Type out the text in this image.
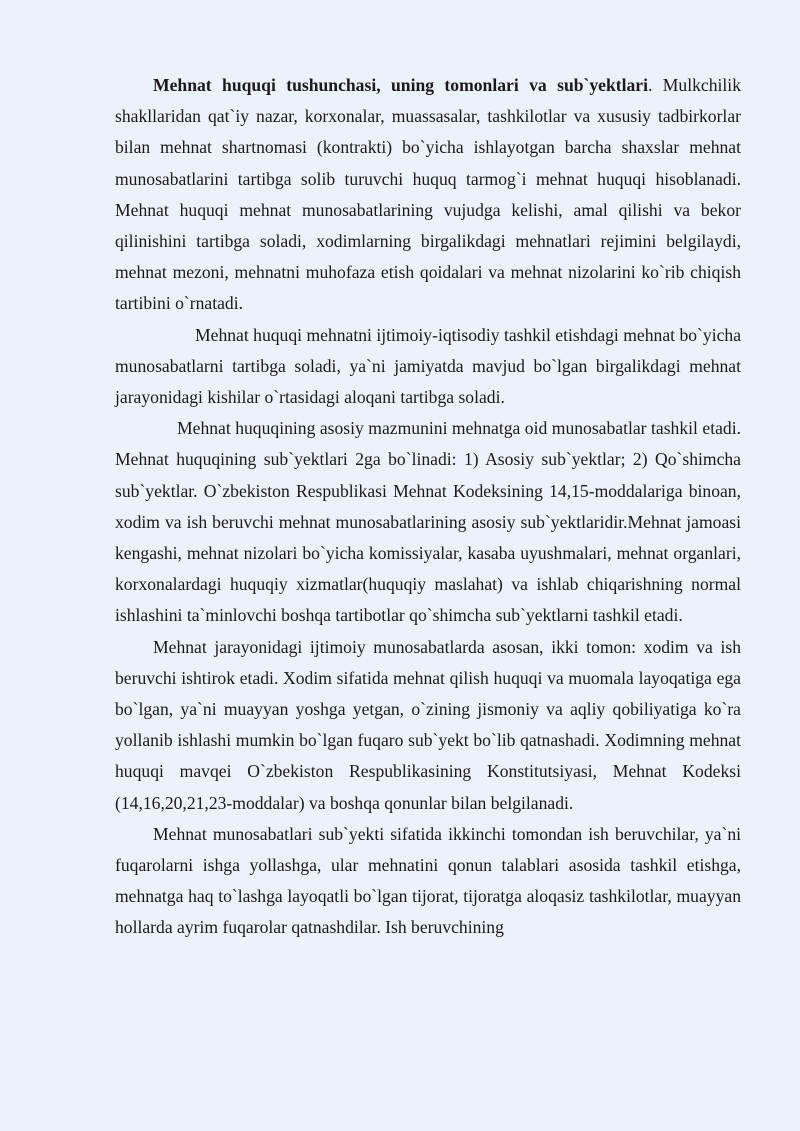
Mehnat huquqi tushunchasi, uning tomonlari va sub`yektlari. Mulkchilik shakllaridan qat`iy nazar, korxonalar, muassasalar, tashkilotlar va xususiy tadbirkorlar bilan mehnat shartnomasi (kontrakti) bo`yicha ishlayotgan barcha shaxslar mehnat munosabatlarini tartibga solib turuvchi huquq tarmog`i mehnat huquqi hisoblanadi. Mehnat huquqi mehnat munosabatlarining vujudga kelishi, amal qilishi va bekor qilinishini tartibga soladi, xodimlarning birgalikdagi mehnatlari rejimini belgilaydi, mehnat mezoni, mehnatni muhofaza etish qoidalari va mehnat nizolarini ko`rib chiqish tartibini o`rnatadi.

Mehnat huquqi mehnatni ijtimoiy-iqtisodiy tashkil etishdagi mehnat bo`yicha munosabatlarni tartibga soladi, ya`ni jamiyatda mavjud bo`lgan birgalikdagi mehnat jarayonidagi kishilar o`rtasidagi aloqani tartibga soladi.

Mehnat huquqining asosiy mazmunini mehnatga oid munosabatlar tashkil etadi. Mehnat huquqining sub`yektlari 2ga bo`linadi: 1) Asosiy sub`yektlar; 2) Qo`shimcha sub`yektlar. O`zbekiston Respublikasi Mehnat Kodeksining 14,15-moddalariga binoan, xodim va ish beruvchi mehnat munosabatlarining asosiy sub`yektlaridir.Mehnat jamoasi kengashi, mehnat nizolari bo`yicha komissiyalar, kasaba uyushmalari, mehnat organlari, korxonalardagi huquqiy xizmatlar(huquqiy maslahat) va ishlab chiqarishning normal ishlashini ta`minlovchi boshqa tartibotlar qo`shimcha sub`yektlarni tashkil etadi.

Mehnat jarayonidagi ijtimoiy munosabatlarda asosan, ikki tomon: xodim va ish beruvchi ishtirok etadi. Xodim sifatida mehnat qilish huquqi va muomala layoqatiga ega bo`lgan, ya`ni muayyan yoshga yetgan, o`zining jismoniy va aqliy qobiliyatiga ko`ra yollanib ishlashi mumkin bo`lgan fuqaro sub`yekt bo`lib qatnashadi. Xodimning mehnat huquqi mavqei O`zbekiston Respublikasining Konstitutsiyasi, Mehnat Kodeksi (14,16,20,21,23-moddalar) va boshqa qonunlar bilan belgilanadi.

Mehnat munosabatlari sub`yekti sifatida ikkinchi tomondan ish beruvchilar, ya`ni fuqarolarni ishga yollashga, ular mehnatini qonun talablari asosida tashkil etishga, mehnatga haq to`lashga layoqatli bo`lgan tijorat, tijoratga aloqasiz tashkilotlar, muayyan hollarda ayrim fuqarolar qatnashdilar. Ish beruvchining
